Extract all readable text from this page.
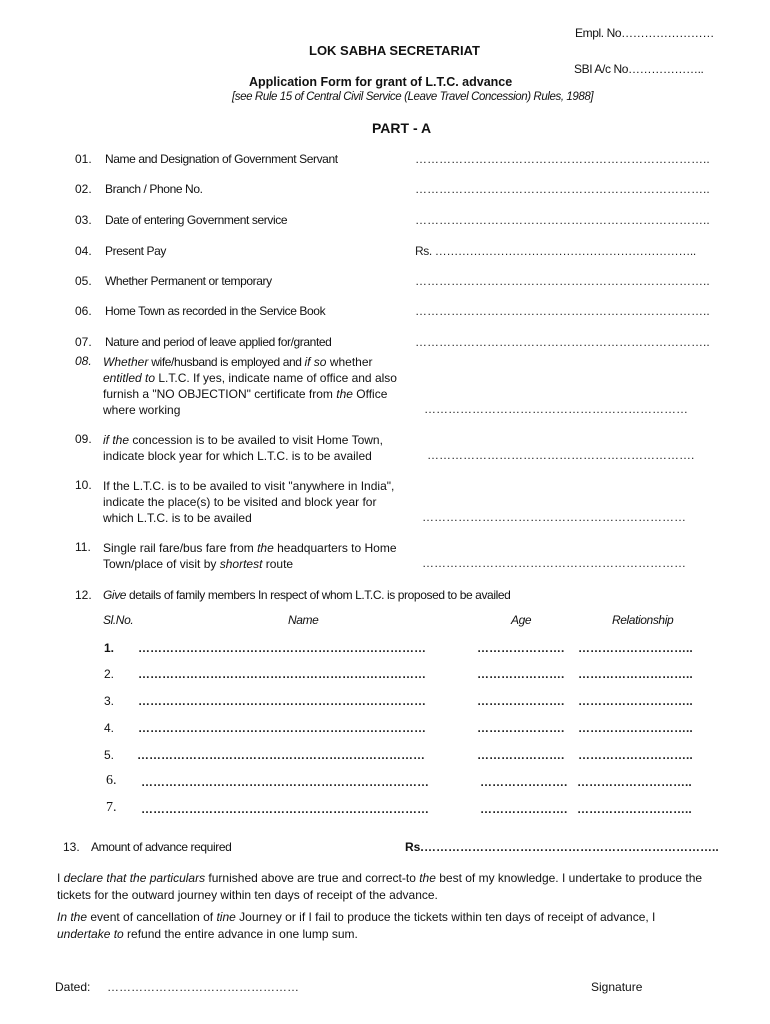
Empl. No……………………
LOK SABHA SECRETARIAT
SBI A/c No………………..
Application Form for grant of L.T.C. advance
[see Rule 15 of Central Civil Service (Leave Travel Concession) Rules, 1988]
PART - A
01. Name and Designation of Government Servant	………………………………………………………………..
02. Branch / Phone No.	………………………………………………………………..
03. Date of entering Government service	………………………………………………………………..
04. Present Pay	Rs. …………………………………………………………..
05. Whether Permanent or temporary	………………………………………………………………..
06. Home Town as recorded in the Service Book	………………………………………………………………..
07. Nature and period of leave applied for/granted	………………………………………………………………..
08. Whether wife/husband is employed and if so whether
entitled to L.T.C. If yes, indicate name of office and also
furnish a "NO OBJECTION" certificate from the Office
where working	…………………………………………………………
09. if the concession is to be availed to visit Home Town,
indicate block year for which L.T.C. is to be availed	………………………………………………………….
10. If the L.T.C. is to be availed to visit "anywhere in India",
indicate the place(s) to be visited and block year for
which L.T.C. is to be availed	…………………………………………………………
11. Single rail fare/bus fare from the headquarters to Home
Town/place of visit by shortest route	…………………………………………………………
12. Give details of family members In respect of whom L.T.C. is proposed to be availed
Sl.No.	Name	Age	Relationship
1. ………………………………………………………………	…………………. ………………………..
2. ………………………………………………………………	…………………. ………………………..
3. ………………………………………………………………	…………………. ………………………..
4. ………………………………………………………………	…………………. ………………………..
5. ………………………………………………………………	…………………. ………………………..
6. ………………………………………………………………	…………………. ………………………..
7. ………………………………………………………………	…………………. ………………………..
13. Amount of advance required	Rs. ………………………………………………………………..
I declare that the particulars furnished above are true and correct-to the best of my knowledge. I undertake to produce the tickets for the outward journey within ten days of receipt of the advance.
In the event of cancellation of tine Journey or if I fail to produce the tickets within ten days of receipt of advance, I undertake to refund the entire advance in one lump sum.
Dated: …………………………………………	Signature
